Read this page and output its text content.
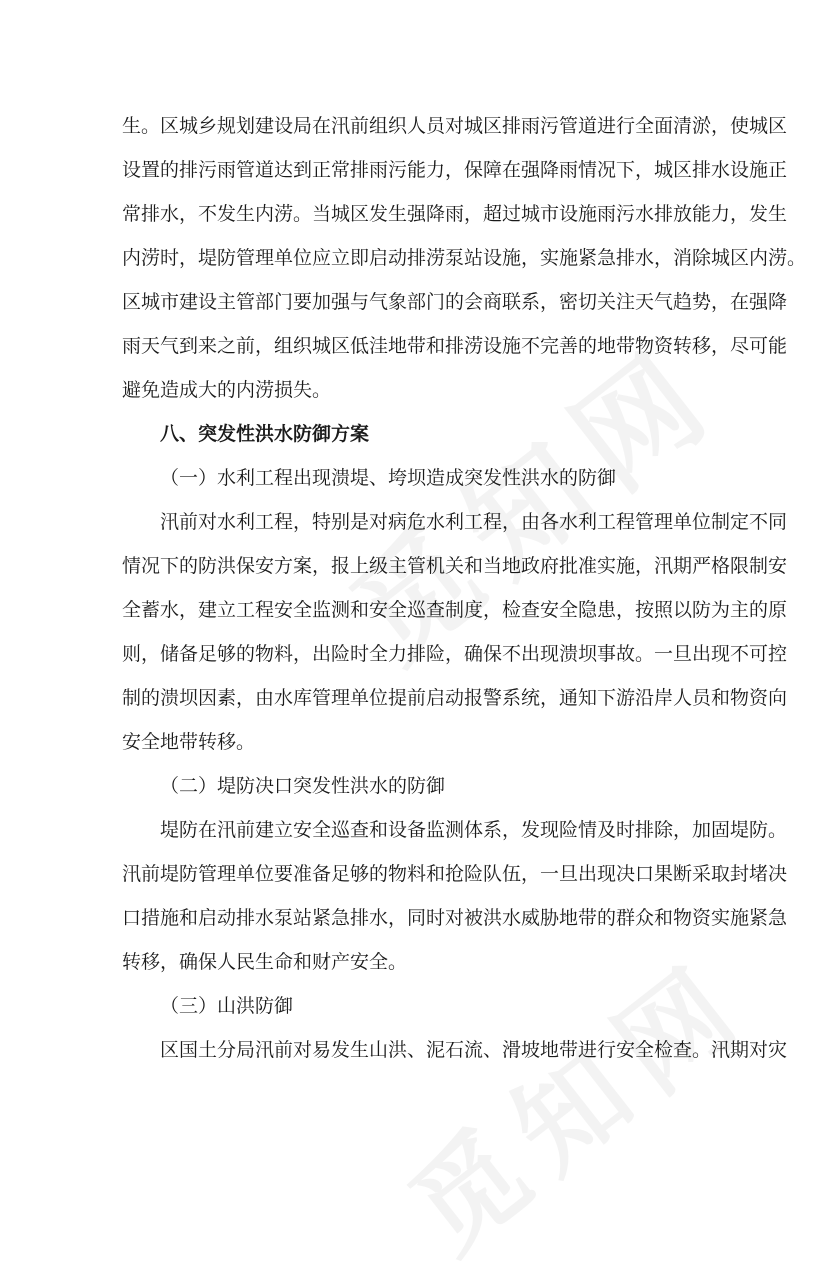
生。区城乡规划建设局在汛前组织人员对城区排雨污管道进行全面清淤，使城区
设置的排污雨管道达到正常排雨污能力，保障在强降雨情况下，城区排水设施正
常排水，不发生内涝。当城区发生强降雨，超过城市设施雨污水排放能力，发生
内涝时，堤防管理单位应立即启动排涝泵站设施，实施紧急排水，消除城区内涝。
区城市建设主管部门要加强与气象部门的会商联系，密切关注天气趋势，在强降
雨天气到来之前，组织城区低洼地带和排涝设施不完善的地带物资转移，尽可能
避免造成大的内涝损失。
八、突发性洪水防御方案
（一）水利工程出现溃堤、垮坝造成突发性洪水的防御
汛前对水利工程，特别是对病危水利工程，由各水利工程管理单位制定不同
情况下的防洪保安方案，报上级主管机关和当地政府批准实施，汛期严格限制安
全蓄水，建立工程安全监测和安全巡查制度，检查安全隐患，按照以防为主的原
则，储备足够的物料，出险时全力排险，确保不出现溃坝事故。一旦出现不可控
制的溃坝因素，由水库管理单位提前启动报警系统，通知下游沿岸人员和物资向
安全地带转移。
（二）堤防决口突发性洪水的防御
堤防在汛前建立安全巡查和设备监测体系，发现险情及时排除，加固堤防。
汛前堤防管理单位要准备足够的物料和抢险队伍，一旦出现决口果断采取封堵决
口措施和启动排水泵站紧急排水，同时对被洪水威胁地带的群众和物资实施紧急
转移，确保人民生命和财产安全。
（三）山洪防御
区国土分局汛前对易发生山洪、泥石流、滑坡地带进行安全检查。汛期对灾
